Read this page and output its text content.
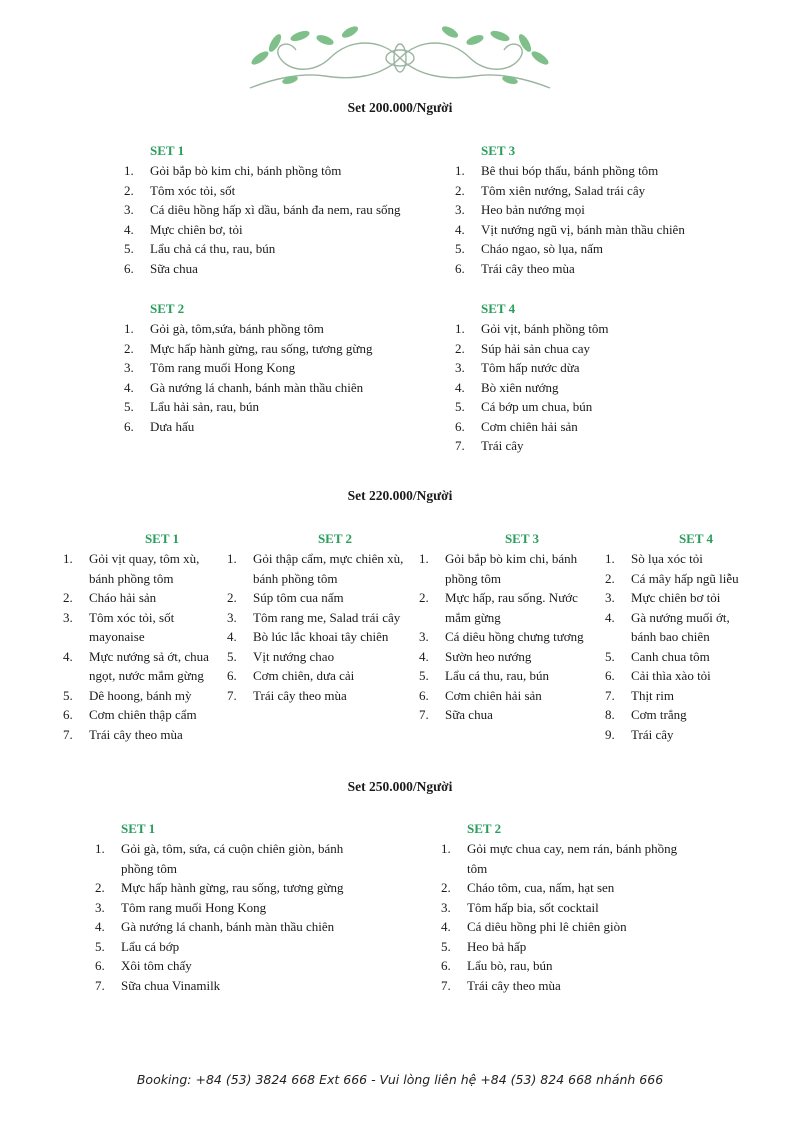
Set 200.000/Người
SET 1
1.	Gỏi bắp bò kim chi, bánh phồng tôm
2.	Tôm xóc tỏi, sốt
3.	Cá diêu hồng hấp xì dầu, bánh đa nem, rau sống
4.	Mực chiên bơ, tỏi
5.	Lẩu chả cá thu, rau, bún
6.	Sữa chua
SET 3
1.	Bê thui bóp thấu, bánh phồng tôm
2.	Tôm xiên nướng, Salad trái cây
3.	Heo bản nướng mọi
4.	Vịt nướng ngũ vị, bánh màn thầu chiên
5.	Cháo ngao, sò lụa, nấm
6.	Trái cây theo mùa
SET 2
1.	Gỏi gà, tôm,sứa, bánh phồng tôm
2.	Mực hấp hành gừng, rau sống, tương gừng
3.	Tôm rang muối Hong Kong
4.	Gà nướng lá chanh, bánh màn thầu chiên
5.	Lẩu hải sản, rau, bún
6.	Dưa hấu
SET 4
1.	Gỏi vịt, bánh phồng tôm
2.	Súp hải sản chua cay
3.	Tôm hấp nước dừa
4.	Bò xiên nướng
5.	Cá bớp um chua, bún
6.	Cơm chiên hải sản
7.	Trái cây
Set 220.000/Người
SET 1
1.	Gỏi vịt quay, tôm xù,
bánh phồng tôm
2.	Cháo hải sản
3.	Tôm xóc tỏi, sốt
mayonaise
4.	Mực nướng sả ớt, chua
ngọt, nước mắm gừng
5.	Dê hoong, bánh mỳ
6.	Cơm chiên thập cẩm
7.	Trái cây theo mùa
SET 2
1.	Gỏi thập cẩm, mực chiên xù,
bánh phồng tôm
2.	Súp tôm cua nấm
3.	Tôm rang me, Salad trái cây
4.	Bò lúc lắc khoai tây chiên
5.	Vịt nướng chao
6.	Cơm chiên, dưa cải
7.	Trái cây theo mùa
SET 3
1.	Gỏi bắp bò kim chi, bánh
phồng tôm
2.	Mực hấp, rau sống. Nước
mắm gừng
3.	Cá diêu hồng chưng tương
4.	Sườn heo nướng
5.	Lẩu cá thu, rau, bún
6.	Cơm chiên hải sản
7.	Sữa chua
SET 4
1.	Sò lụa xóc tỏi
2.	Cá mây hấp ngũ liễu
3.	Mực chiên bơ tỏi
4.	Gà nướng muối ớt,
bánh bao chiên
5.	Canh chua tôm
6.	Cải thìa xào tỏi
7.	Thịt rim
8.	Cơm trắng
9.	Trái cây
Set 250.000/Người
SET 1
1.	Gỏi gà, tôm, sứa, cá cuộn chiên giòn, bánh
phồng tôm
2.	Mực hấp hành gừng, rau sống, tương gừng
3.	Tôm rang muối Hong Kong
4.	Gà nướng lá chanh, bánh màn thầu chiên
5.	Lẩu cá bớp
6.	Xôi tôm chấy
7.	Sữa chua Vinamilk
SET 2
1.	Gỏi mực chua cay, nem rán, bánh phồng
tôm
2.	Cháo tôm, cua, nấm, hạt sen
3.	Tôm hấp bia, sốt cocktail
4.	Cá diêu hồng phi lê chiên giòn
5.	Heo bả hấp
6.	Lẩu bò, rau, bún
7.	Trái cây theo mùa
Booking: +84 (53) 3824 668 Ext 666 - Vui lòng liên hệ +84 (53) 824 668 nhánh 666
